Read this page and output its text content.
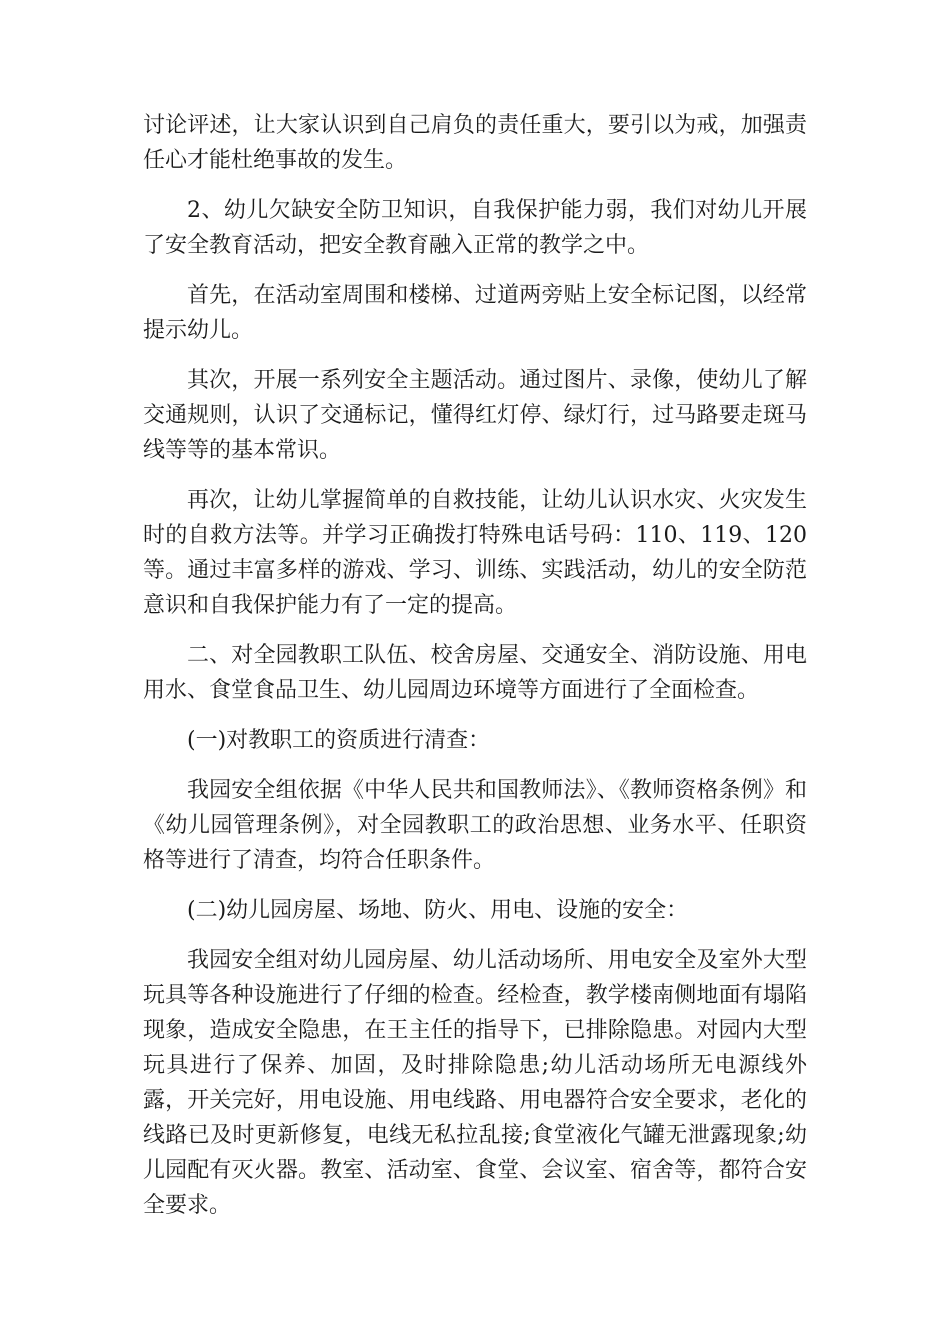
讨论评述，让大家认识到自己肩负的责任重大，要引以为戒，加强责任心才能杜绝事故的发生。

2、幼儿欠缺安全防卫知识，自我保护能力弱，我们对幼儿开展了安全教育活动，把安全教育融入正常的教学之中。

首先，在活动室周围和楼梯、过道两旁贴上安全标记图，以经常提示幼儿。

其次，开展一系列安全主题活动。通过图片、录像，使幼儿了解交通规则，认识了交通标记，懂得红灯停、绿灯行，过马路要走斑马线等等的基本常识。

再次，让幼儿掌握简单的自救技能，让幼儿认识水灾、火灾发生时的自救方法等。并学习正确拨打特殊电话号码：110、119、120等。通过丰富多样的游戏、学习、训练、实践活动，幼儿的安全防范意识和自我保护能力有了一定的提高。

二、对全园教职工队伍、校舍房屋、交通安全、消防设施、用电用水、食堂食品卫生、幼儿园周边环境等方面进行了全面检查。

(一)对教职工的资质进行清查：

我园安全组依据《中华人民共和国教师法》、《教师资格条例》和《幼儿园管理条例》，对全园教职工的政治思想、业务水平、任职资格等进行了清查，均符合任职条件。

(二)幼儿园房屋、场地、防火、用电、设施的安全：

我园安全组对幼儿园房屋、幼儿活动场所、用电安全及室外大型玩具等各种设施进行了仔细的检查。经检查，教学楼南侧地面有塌陷现象，造成安全隐患，在王主任的指导下，已排除隐患。对园内大型玩具进行了保养、加固，及时排除隐患;幼儿活动场所无电源线外露，开关完好，用电设施、用电线路、用电器符合安全要求，老化的线路已及时更新修复，电线无私拉乱接;食堂液化气罐无泄露现象;幼儿园配有灭火器。教室、活动室、食堂、会议室、宿舍等，都符合安全要求。
